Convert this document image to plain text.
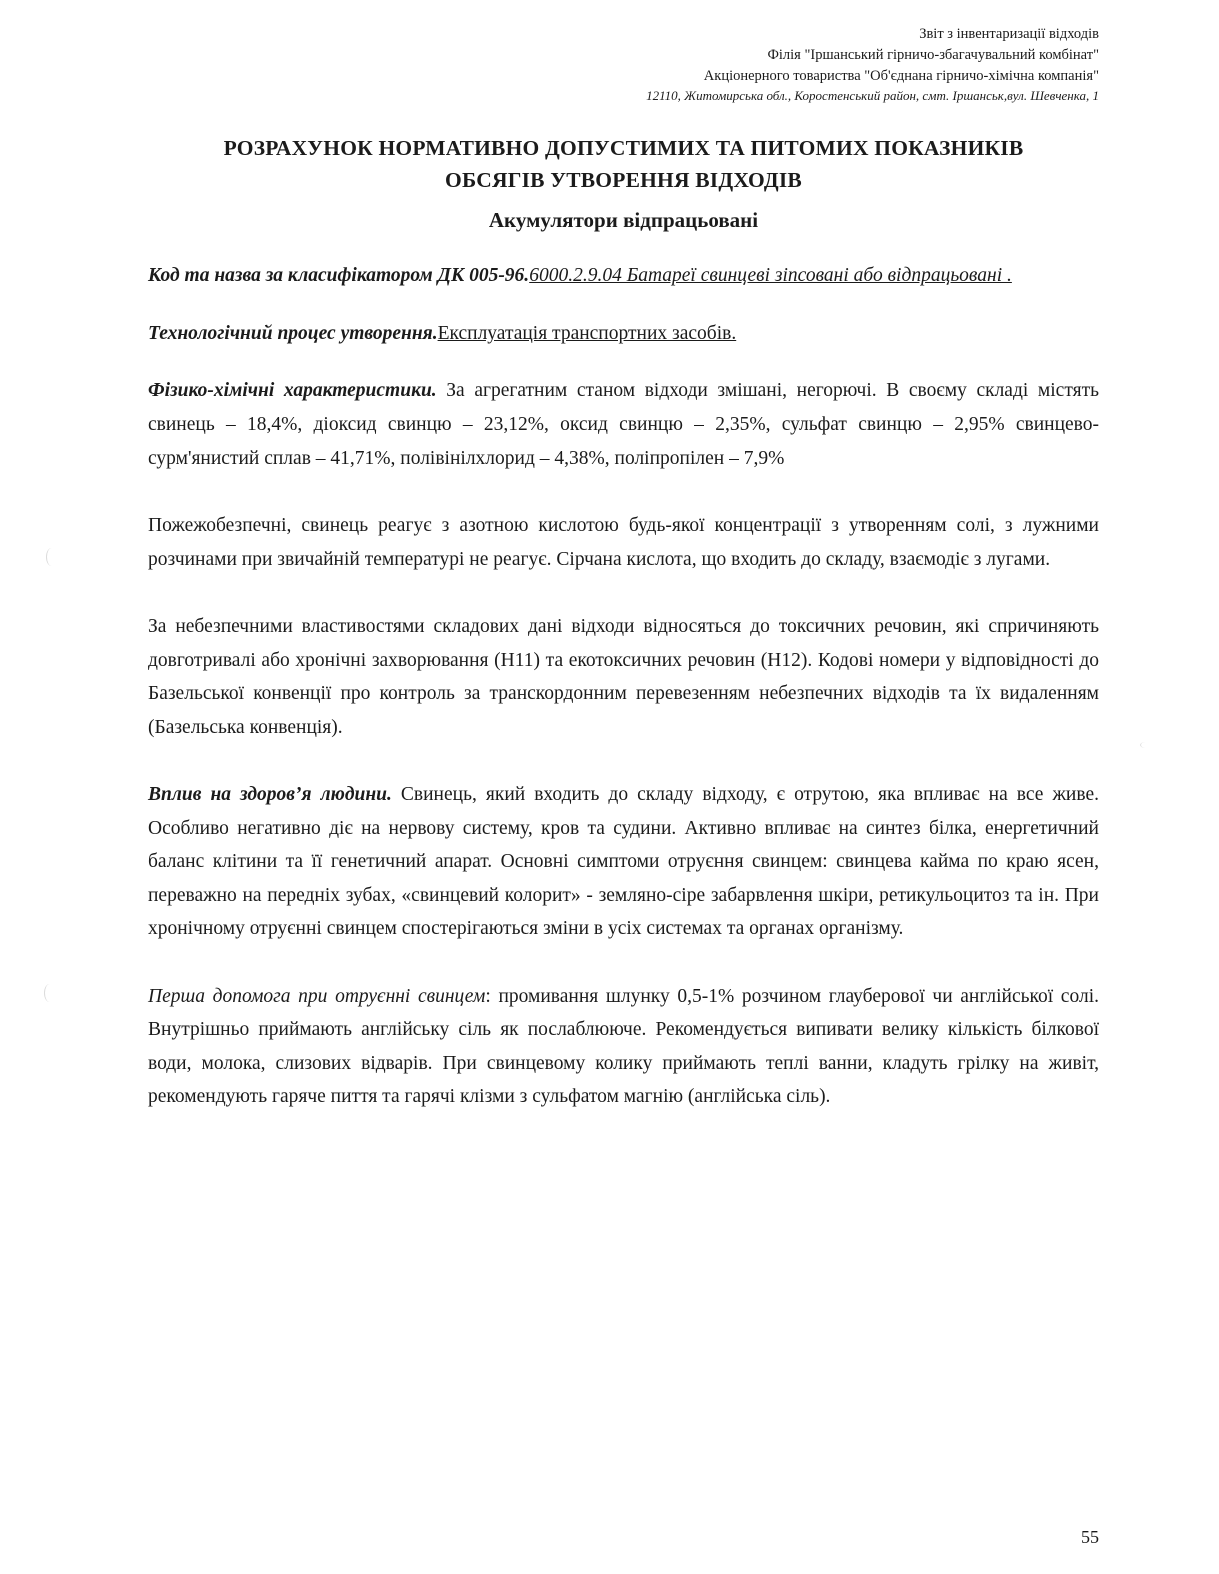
Звіт з інвентаризації відходів
Філія "Іршанський гірничо-збагачувальний комбінат"
Акціонерного товариства "Об'єднана гірничо-хімічна компанія"
12110, Житомирська обл., Коростенський район, смт. Іршанськ,вул. Шевченка, 1
РОЗРАХУНОК НОРМАТИВНО ДОПУСТИМИХ ТА ПИТОМИХ ПОКАЗНИКІВ
ОБСЯГІВ УТВОРЕННЯ ВІДХОДІВ
Акумулятори відпрацьовані

Код та назва за класифікатором ДК 005-96.6000.2.9.04 Батареї свинцеві зіпсовані або відпрацьовані .

Технологічний процес утворення.Експлуатація транспортних засобів.

Фізико-хімічні характеристики. За агрегатним станом відходи змішані, негорючі. В своєму складі містять свинець – 18,4%, діоксид свинцю – 23,12%, оксид свинцю – 2,35%, сульфат свинцю – 2,95% свинцево-сурм'янистий сплав – 41,71%, полівінілхлорид – 4,38%, поліпропілен – 7,9%

Пожежобезпечні, свинець реагує з азотною кислотою будь-якої концентрації з утворенням солі, з лужними розчинами при звичайній температурі не реагує. Сірчана кислота, що входить до складу, взаємодіє з лугами.

За небезпечними властивостями складових дані відходи відносяться до токсичних речовин, які спричиняють довготривалі або хронічні захворювання (Н11) та екотоксичних речовин (Н12). Кодові номери у відповідності до Базельської конвенції про контроль за транскордонним перевезенням небезпечних відходів та їх видаленням (Базельська конвенція).

Вплив на здоров’я людини. Свинець, який входить до складу відходу, є отрутою, яка впливає на все живе. Особливо негативно діє на нервову систему, кров та судини. Активно впливає на синтез білка, енергетичний баланс клітини та її генетичний апарат. Основні симптоми отруєння свинцем: свинцева кайма по краю ясен, переважно на передніх зубах, «свинцевий колорит» - земляно-сіре забарвлення шкіри, ретикульоцитоз та ін. При хронічному отруєнні свинцем спостерігаються зміни в усіх системах та органах організму.

Перша допомога при отруєнні свинцем: промивання шлунку 0,5-1% розчином глауберової чи англійської солі. Внутрішньо приймають англійську сіль як послаблююче. Рекомендується випивати велику кількість білкової води, молока, слизових відварів. При свинцевому колику приймають теплі ванни, кладуть грілку на живіт, рекомендують гаряче пиття та гарячі клізми з сульфатом магнію (англійська сіль).

55
